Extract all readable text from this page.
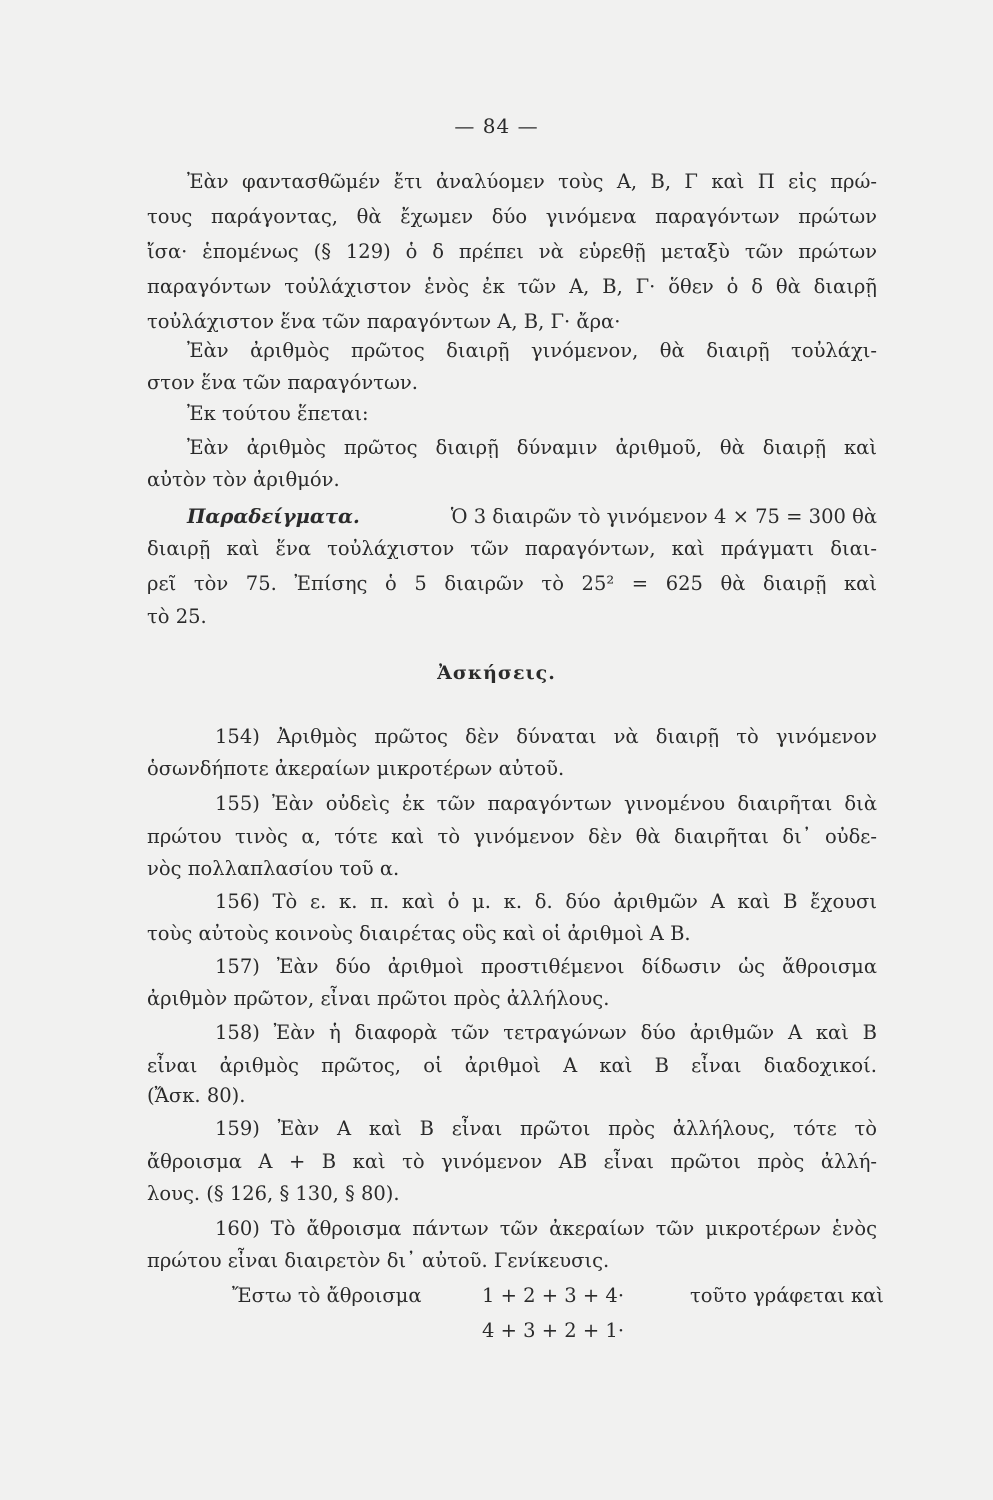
— 84 —
Ἐὰν φαντασθῶμέν ἔτι ἀναλύομεν τοὺς Α, Β, Γ καὶ Π εἰς πρώ-
τους παράγοντας, θὰ ἔχωμεν δύο γινόμενα παραγόντων πρώτων
ἴσα· ἑπομένως (§ 129) ὁ δ πρέπει νὰ εὑρεθῇ μεταξὺ τῶν πρώτων
παραγόντων τοὐλάχιστον ἑνὸς ἐκ τῶν Α, Β, Γ· ὅθεν ὁ δ θὰ διαιρῇ
τοὐλάχιστον ἕνα τῶν παραγόντων Α, Β, Γ· ἄρα·
Ἐὰν ἀριθμὸς πρῶτος διαιρῇ γινόμενον, θὰ διαιρῇ τοὐλάχι-
στον ἕνα τῶν παραγόντων.
Ἐκ τούτου ἕπεται:
Ἐὰν ἀριθμὸς πρῶτος διαιρῇ δύναμιν ἀριθμοῦ, θὰ διαιρῇ καὶ
αὐτὸν τὸν ἀριθμόν.
Παραδείγματα.	Ὁ 3 διαιρῶν τὸ γινόμενον 4 × 75 = 300 θὰ
διαιρῇ καὶ ἕνα τοὐλάχιστον τῶν παραγόντων, καὶ πράγματι διαι-
ρεῖ τὸν 75. Ἐπίσης ὁ 5 διαιρῶν τὸ 25² = 625 θὰ διαιρῇ καὶ
τὸ 25.
Ἀσκήσεις.
154) Ἀριθμὸς πρῶτος δὲν δύναται νὰ διαιρῇ τὸ γινόμενον
ὁσωνδήποτε ἀκεραίων μικροτέρων αὐτοῦ.
155) Ἐὰν οὐδεὶς ἐκ τῶν παραγόντων γινομένου διαιρῆται διὰ
πρώτου τινὸς α, τότε καὶ τὸ γινόμενον δὲν θὰ διαιρῆται δι᾽ οὐδε-
νὸς πολλαπλασίου τοῦ α.
156) Τὸ ε. κ. π. καὶ ὁ μ. κ. δ. δύο ἀριθμῶν Α καὶ Β ἔχουσι
τοὺς αὐτοὺς κοινοὺς διαιρέτας οὓς καὶ οἱ ἀριθμοὶ Α Β.
157) Ἐὰν δύο ἀριθμοὶ προστιθέμενοι δίδωσιν ὡς ἄθροισμα
ἀριθμὸν πρῶτον, εἶναι πρῶτοι πρὸς ἀλλήλους.
158) Ἐὰν ἡ διαφορὰ τῶν τετραγώνων δύο ἀριθμῶν Α καὶ Β
εἶναι ἀριθμὸς πρῶτος, οἱ ἀριθμοὶ Α καὶ Β εἶναι διαδοχικοί.
(Ἄσκ. 80).
159) Ἐὰν Α καὶ Β εἶναι πρῶτοι πρὸς ἀλλήλους, τότε τὸ
ἄθροισμα Α + Β καὶ τὸ γινόμενον ΑΒ εἶναι πρῶτοι πρὸς ἀλλή-
λους. (§ 126, § 130, § 80).
160) Τὸ ἄθροισμα πάντων τῶν ἀκεραίων τῶν μικροτέρων ἑνὸς
πρώτου εἶναι διαιρετὸν δι᾽ αὐτοῦ. Γενίκευσις.
Ἔστω τὸ ἄθροισμα	1 + 2 + 3 + 4·	τοῦτο γράφεται καὶ
4 + 3 + 2 + 1·
